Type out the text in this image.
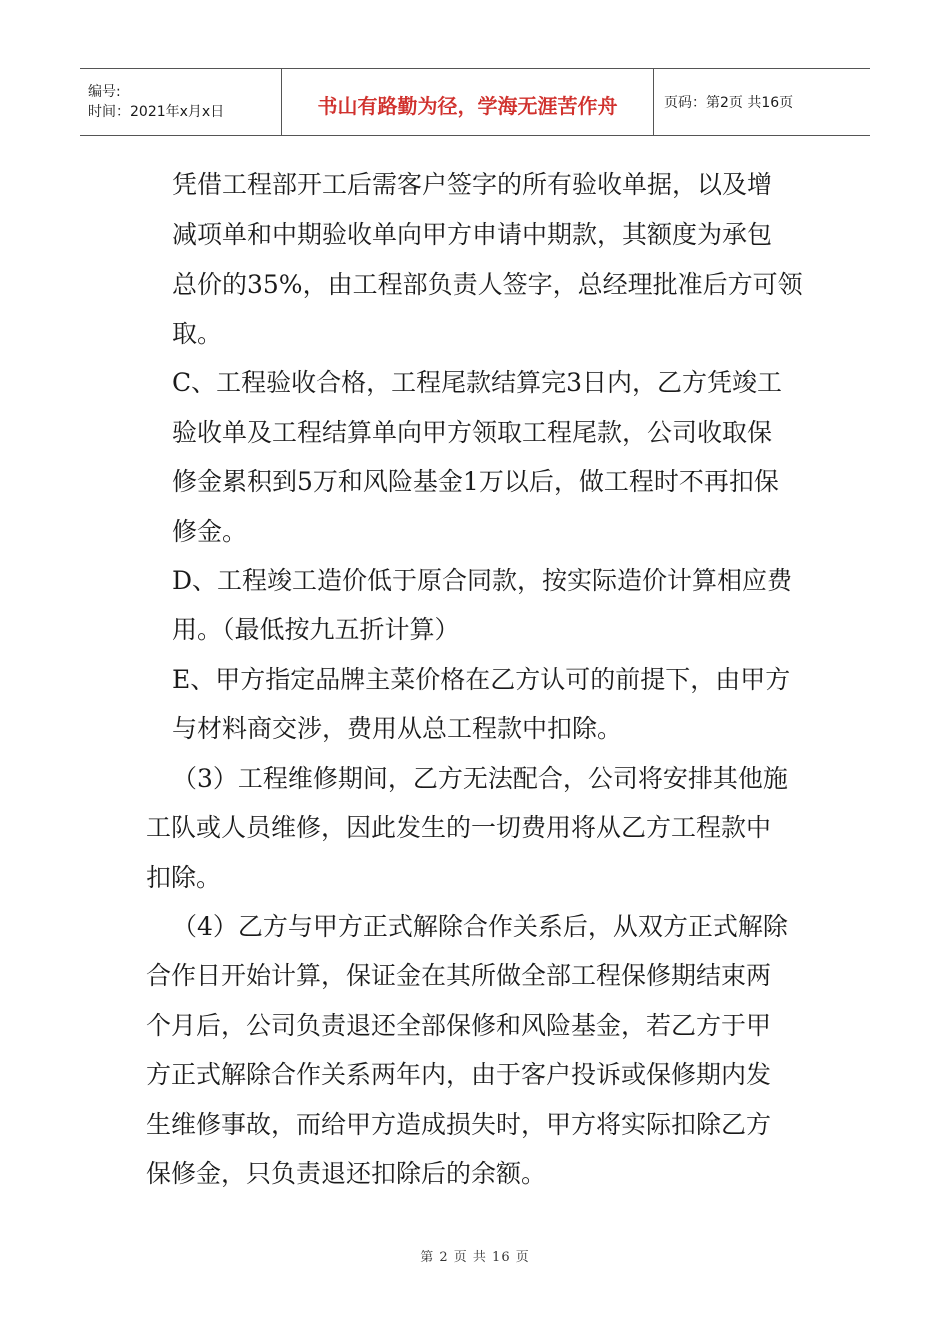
编号:
时间：2021年x月x日	书山有路勤为径，学海无涯苦作舟	页码：第2页 共16页
凭借工程部开工后需客户签字的所有验收单据，以及增
减项单和中期验收单向甲方申请中期款，其额度为承包
总价的35%，由工程部负责人签字，总经理批准后方可领
取。
C、工程验收合格，工程尾款结算完3日内，乙方凭竣工
验收单及工程结算单向甲方领取工程尾款，公司收取保
修金累积到5万和风险基金1万以后，做工程时不再扣保
修金。
D、工程竣工造价低于原合同款，按实际造价计算相应费
用。（最低按九五折计算）
E、甲方指定品牌主菜价格在乙方认可的前提下，由甲方
与材料商交涉，费用从总工程款中扣除。
（3）工程维修期间，乙方无法配合，公司将安排其他施
工队或人员维修，因此发生的一切费用将从乙方工程款中
扣除。
（4）乙方与甲方正式解除合作关系后，从双方正式解除
合作日开始计算，保证金在其所做全部工程保修期结束两
个月后，公司负责退还全部保修和风险基金，若乙方于甲
方正式解除合作关系两年内，由于客户投诉或保修期内发
生维修事故，而给甲方造成损失时，甲方将实际扣除乙方
保修金，只负责退还扣除后的余额。
第 2 页 共 16 页
